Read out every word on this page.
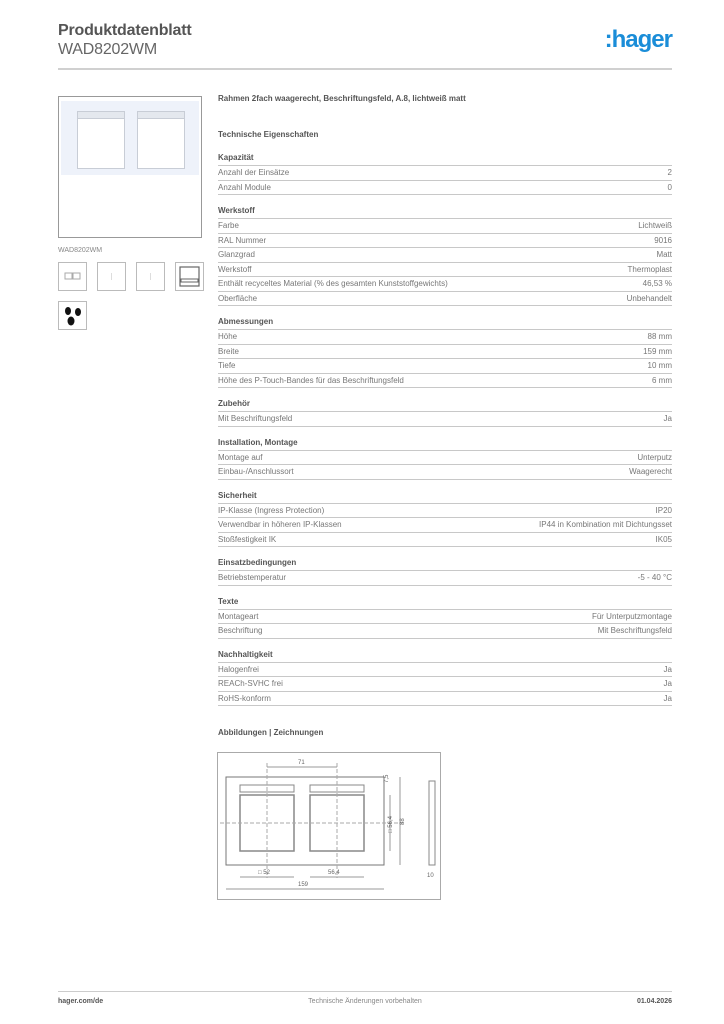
Produktdatenblatt
WAD8202WM	:hager
WAD8202WM
Rahmen 2fach waagerecht, Beschriftungsfeld, A.8, lichtweiß matt
Technische Eigenschaften
Kapazität
Anzahl der Einsätze	2
Anzahl Module	0
Werkstoff
Farbe	Lichtweiß
RAL Nummer	9016
Glanzgrad	Matt
Werkstoff	Thermoplast
Enthält recyceltes Material (% des gesamten Kunststoffgewichts)	46,53 %
Oberfläche	Unbehandelt
Abmessungen
Höhe	88 mm
Breite	159 mm
Tiefe	10 mm
Höhe des P-Touch-Bandes für das Beschriftungsfeld	6 mm
Zubehör
Mit Beschriftungsfeld	Ja
Installation, Montage
Montage auf	Unterputz
Einbau-/Anschlussort	Waagerecht
Sicherheit
IP-Klasse (Ingress Protection)	IP20
Verwendbar in höheren IP-Klassen	IP44 in Kombination mit Dichtungsset
Stoßfestigkeit IK	IK05
Einsatzbedingungen
Betriebstemperatur	-5 - 40 °C
Texte
Montageart	Für Unterputzmontage
Beschriftung	Mit Beschriftungsfeld
Nachhaltigkeit
Halogenfrei	Ja
REACh-SVHC frei	Ja
RoHS-konform	Ja
Abbildungen | Zeichnungen
71
88
7,5
□ 56,4
□ 52	56,4
159
10
hager.com/de	Technische Änderungen vorbehalten	01.04.2026
